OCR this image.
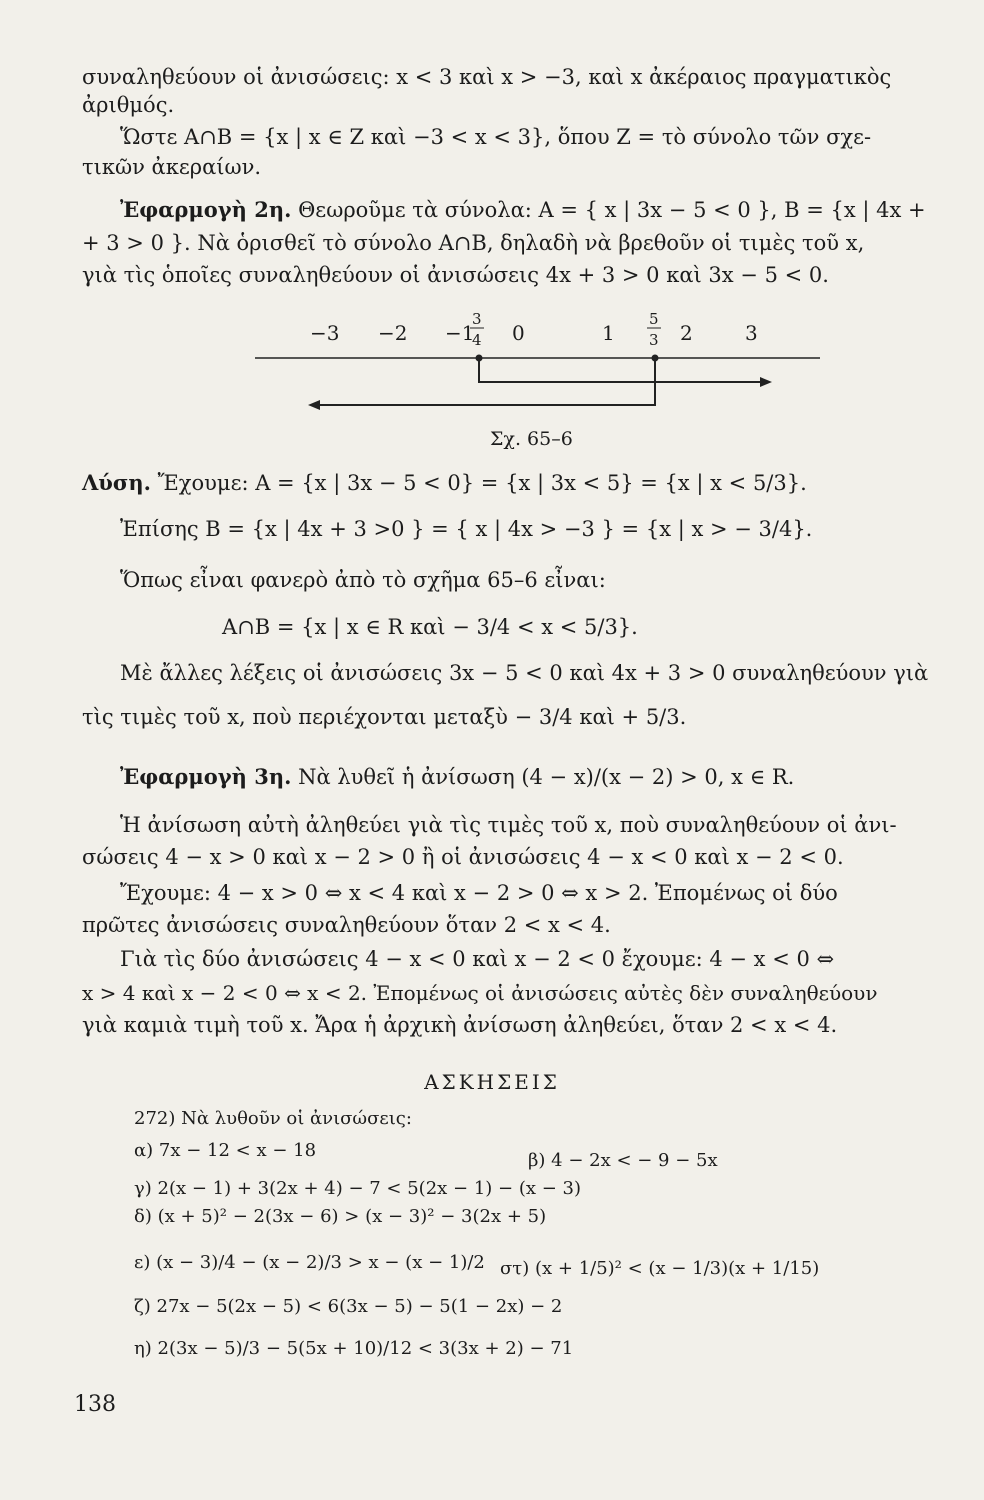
συναληθεύουν οἱ ἀνισώσεις: x < 3 καὶ x > −3, καὶ x ἀκέραιος πραγματικὸς
ἀριθμός.
Ὥστε A∩B = {x | x ∈ Z καὶ −3 < x < 3}, ὅπου Z = τὸ σύνολο τῶν σχε-
τικῶν ἀκεραίων.
Ἐφαρμογὴ 2η. Θεωροῦμε τὰ σύνολα: A = { x | 3x − 5 < 0 }, B = {x | 4x +
+ 3 > 0 }. Νὰ ὁρισθεῖ τὸ σύνολο A∩B, δηλαδὴ νὰ βρεθοῦν οἱ τιμὲς τοῦ x,
γιὰ τὶς ὁποῖες συναληθεύουν οἱ ἀνισώσεις 4x + 3 > 0 καὶ 3x − 5 < 0.
−3 −2 −1
3
4 0	1
5
3 2	3
Σχ. 65–6
Λύση. Ἔχουμε: A = {x | 3x − 5 < 0} = {x | 3x < 5} = {x | x < 5/3}.
Ἐπίσης B = {x | 4x + 3 >0 } = { x | 4x > −3 } = {x | x > − 3/4}.
Ὅπως εἶναι φανερὸ ἀπὸ τὸ σχῆμα 65–6 εἶναι:
A∩B = {x | x ∈ R καὶ − 3/4 < x < 5/3}.
Μὲ ἄλλες λέξεις οἱ ἀνισώσεις 3x − 5 < 0 καὶ 4x + 3 > 0 συναληθεύουν γιὰ
τὶς τιμὲς τοῦ x, ποὺ περιέχονται μεταξὺ − 3/4 καὶ + 5/3.
Ἐφαρμογὴ 3η. Νὰ λυθεῖ ἡ ἀνίσωση (4 − x)/(x − 2) > 0, x ∈ R.
Ἡ ἀνίσωση αὐτὴ ἀληθεύει γιὰ τὶς τιμὲς τοῦ x, ποὺ συναληθεύουν οἱ ἀνι-
σώσεις 4 − x > 0 καὶ x − 2 > 0 ἢ οἱ ἀνισώσεις 4 − x < 0 καὶ x − 2 < 0.
Ἔχουμε: 4 − x > 0 ⇔ x < 4 καὶ x − 2 > 0 ⇔ x > 2. Ἐπομένως οἱ δύο
πρῶτες ἀνισώσεις συναληθεύουν ὅταν 2 < x < 4.
Γιὰ τὶς δύο ἀνισώσεις 4 − x < 0 καὶ x − 2 < 0 ἔχουμε: 4 − x < 0 ⇔
x > 4 καὶ x − 2 < 0 ⇔ x < 2. Ἐπομένως οἱ ἀνισώσεις αὐτὲς δὲν συναληθεύουν
γιὰ καμιὰ τιμὴ τοῦ x. Ἄρα ἡ ἀρχικὴ ἀνίσωση ἀληθεύει, ὅταν 2 < x < 4.
ΑΣΚΗΣΕΙΣ
272) Νὰ λυθοῦν οἱ ἀνισώσεις:
α) 7x − 12 < x − 18	β) 4 − 2x < − 9 − 5x
γ) 2(x − 1) + 3(2x + 4) − 7 < 5(2x − 1) − (x − 3)
δ) (x + 5)² − 2(3x − 6) > (x − 3)² − 3(2x + 5)
ε) (x − 3)/4 − (x − 2)/3 > x − (x − 1)/2 στ) (x + 1/5)² < (x − 1/3)(x + 1/15)
ζ) 27x − 5(2x − 5) < 6(3x − 5) − 5(1 − 2x) − 2
η) 2(3x − 5)/3 − 5(5x + 10)/12 < 3(3x + 2) − 71
138
